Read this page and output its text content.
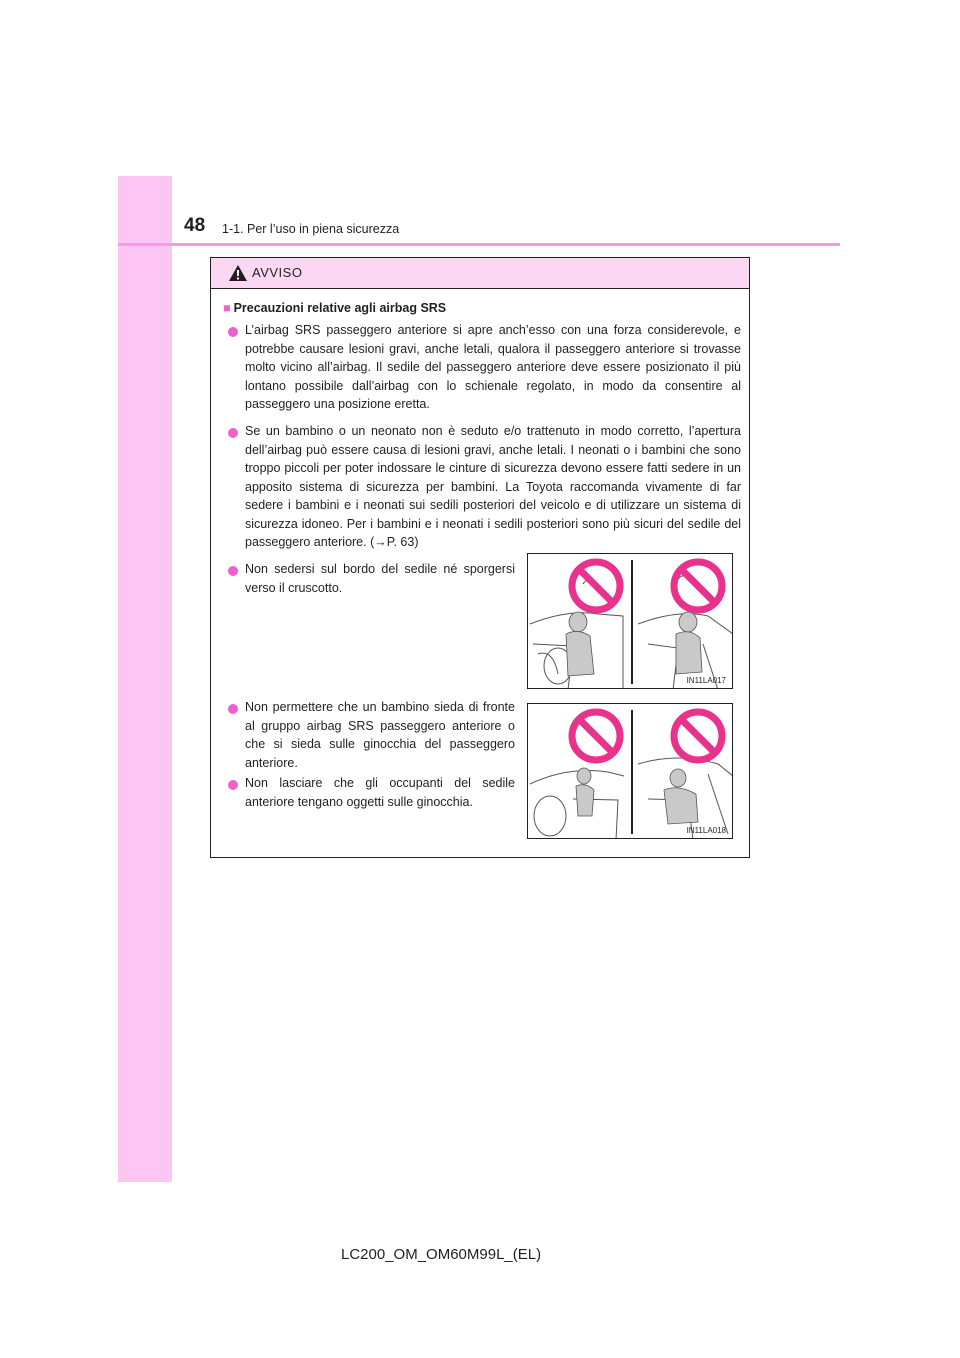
48 1-1. Per l’uso in piena sicurezza
AVVISO
■ Precauzioni relative agli airbag SRS

L’airbag SRS passeggero anteriore si apre anch’esso con una forza considerevole, e potrebbe causare lesioni gravi, anche letali, qualora il passeggero anteriore si trovasse molto vicino all’airbag. Il sedile del passeggero anteriore deve essere posizionato il più lontano possibile dall’airbag con lo schienale regolato, in modo da consentire al passeggero una posizione eretta.

Se un bambino o un neonato non è seduto e/o trattenuto in modo corretto, l’apertura dell’airbag può essere causa di lesioni gravi, anche letali. I neonati o i bambini che sono troppo piccoli per poter indossare le cinture di sicurezza devono essere fatti sedere in un apposito sistema di sicurezza per bambini. La Toyota raccomanda vivamente di far sedere i bambini e i neonati sui sedili posteriori del veicolo e di utilizzare un sistema di sicurezza idoneo. Per i bambini e i neonati i sedili posteriori sono più sicuri del sedile del passeggero anteriore. (→P. 63)

Non sedersi sul bordo del sedile né sporgersi verso il cruscotto.

Non permettere che un bambino sieda di fronte al gruppo airbag SRS passeggero anteriore o che si sieda sulle ginocchia del passeggero anteriore.

Non lasciare che gli occupanti del sedile anteriore tengano oggetti sulle ginocchia.

IN11LA017
IN11LA018
LC200_OM_OM60M99L_(EL)
